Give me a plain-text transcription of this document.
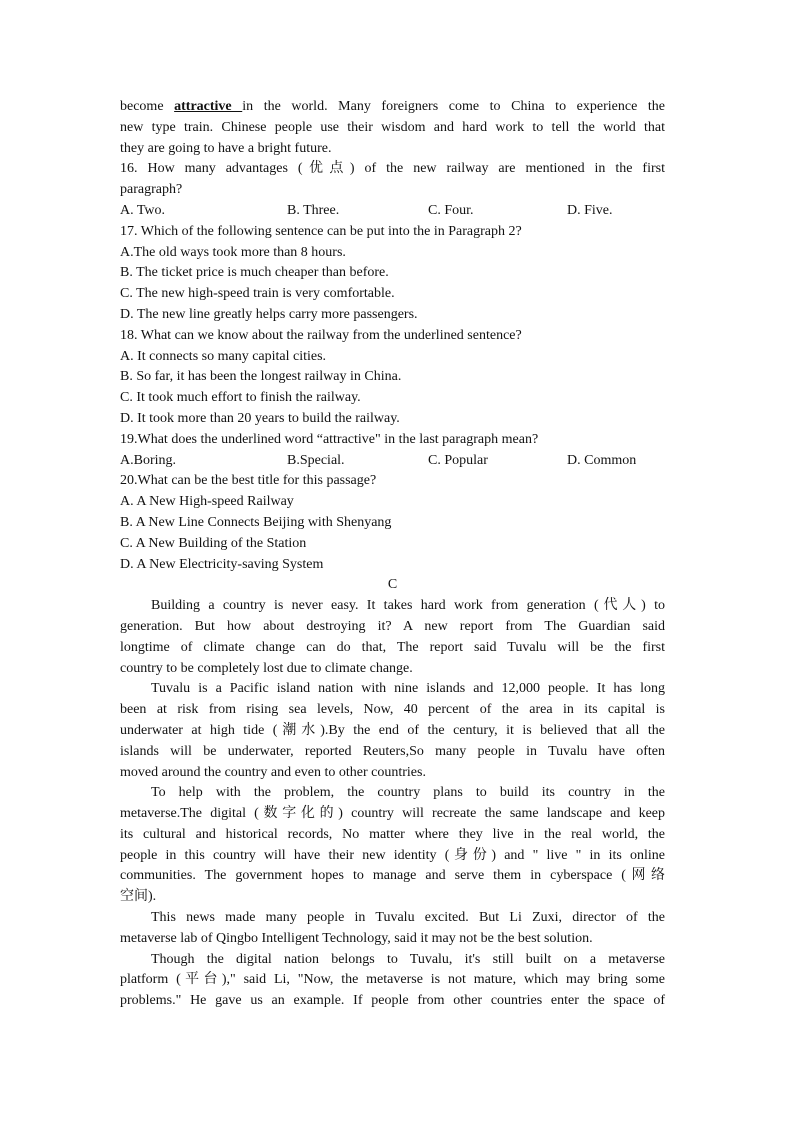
become attractive in the world. Many foreigners come to China to experience the
new type train. Chinese people use their wisdom and hard work to tell the world that
they are going to have a bright future.
16. How many advantages (优点) of the new railway are mentioned in the first
paragraph?
A. Two.	B. Three.	C. Four.	D. Five.
17. Which of the following sentence can be put into the in Paragraph 2?
A.The old ways took more than 8 hours.
B. The ticket price is much cheaper than before.
C. The new high-speed train is very comfortable.
D. The new line greatly helps carry more passengers.
18. What can we know about the railway from the underlined sentence?
A. It connects so many capital cities.
B. So far, it has been the longest railway in China.
C. It took much effort to finish the railway.
D. It took more than 20 years to build the railway.
19.What does the underlined word “attractive" in the last paragraph mean?
A.Boring.	B.Special.	C. Popular	D. Common
20.What can be the best title for this passage?
A. A New High-speed Railway
B. A New Line Connects Beijing with Shenyang
C. A New Building of the Station
D. A New Electricity-saving System
C
Building a country is never easy. It takes hard work from generation (代人) to
generation. But how about destroying it? A new report from The Guardian said
longtime of climate change can do that, The report said Tuvalu will be the first
country to be completely lost due to climate change.
Tuvalu is a Pacific island nation with nine islands and 12,000 people. It has long
been at risk from rising sea levels, Now, 40 percent of the area in its capital is
underwater at high tide (潮水).By the end of the century, it is believed that all the
islands will be underwater, reported Reuters,So many people in Tuvalu have often
moved around the country and even to other countries.
To help with the problem, the country plans to build its country in the
metaverse.The digital (数字化的) country will recreate the same landscape and keep
its cultural and historical records, No matter where they live in the real world, the
people in this country will have their new identity (身份) and " live " in its online
communities. The government hopes to manage and serve them in cyberspace (网络
空间).
This news made many people in Tuvalu excited. But Li Zuxi, director of the
metaverse lab of Qingbo Intelligent Technology, said it may not be the best solution.
Though the digital nation belongs to Tuvalu, it's still built on a metaverse
platform (平台)," said Li, "Now, the metaverse is not mature, which may bring some
problems." He gave us an example. If people from other countries enter the space of
